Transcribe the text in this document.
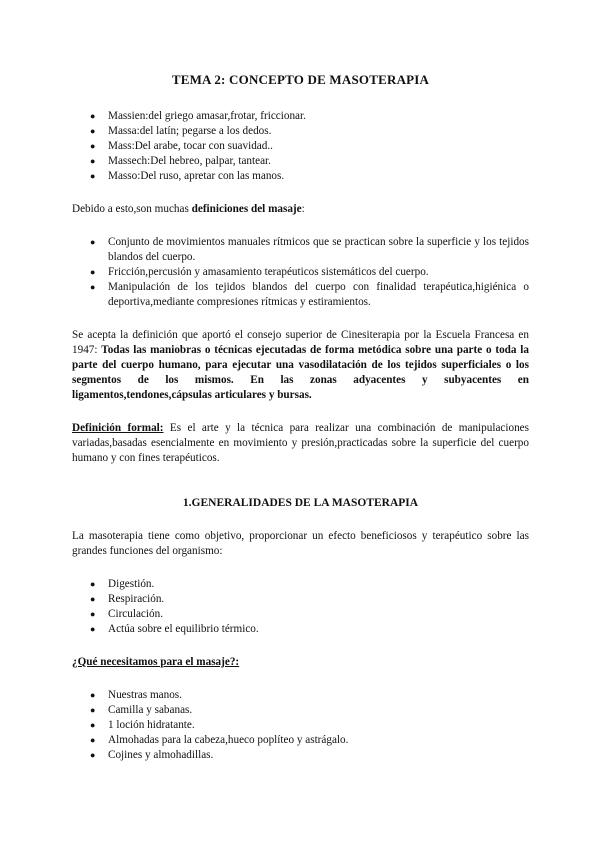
TEMA 2: CONCEPTO DE MASOTERAPIA
● Massien:del griego amasar,frotar, friccionar.
● Massa:del latín; pegarse a los dedos.
● Mass:Del arabe, tocar con suavidad..
● Massech:Del hebreo, palpar, tantear.
● Masso:Del ruso, apretar con las manos.

Debido a esto,son muchas definiciones del masaje:

● Conjunto de movimientos manuales rítmicos que se practican sobre la superficie y los tejidos blandos del cuerpo.
● Fricción,percusión y amasamiento terapéuticos sistemáticos del cuerpo.
● Manipulación de los tejidos blandos del cuerpo con finalidad terapéutica,higiénica o deportiva,mediante compresiones rítmicas y estiramientos.

Se acepta la definición que aportó el consejo superior de Cinesiterapia por la Escuela Francesa en 1947: Todas las maniobras o técnicas ejecutadas de forma metódica sobre una parte o toda la parte del cuerpo humano, para ejecutar una vasodilatación de los tejidos superficiales o los segmentos de los mismos. En las zonas adyacentes y subyacentes en ligamentos,tendones,cápsulas articulares y bursas.

Definición formal: Es el arte y la técnica para realizar una combinación de manipulaciones variadas,basadas esencialmente en movimiento y presión,practicadas sobre la superficie del cuerpo humano y con fines terapéuticos.

1.GENERALIDADES DE LA MASOTERAPIA

La masoterapia tiene como objetivo, proporcionar un efecto beneficiosos y terapéutico sobre las grandes funciones del organismo:

● Digestión.
● Respiración.
● Circulación.
● Actúa sobre el equilibrio térmico.

¿Qué necesitamos para el masaje?:

● Nuestras manos.
● Camilla y sabanas.
● 1 loción hidratante.
● Almohadas para la cabeza,hueco poplíteo y astrágalo.
● Cojines y almohadillas.
